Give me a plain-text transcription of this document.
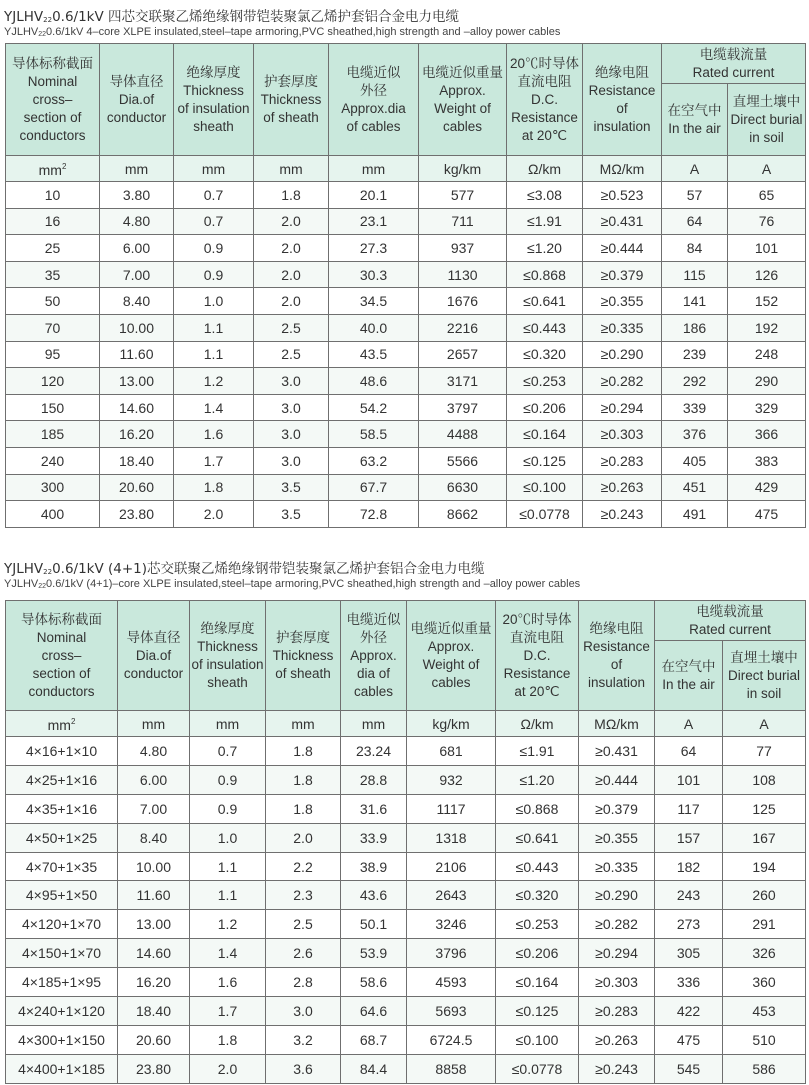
$YJLHV_{22}0.6/1kV$ 四芯交联聚乙烯绝缘钢带铠装聚氯乙烯护套铝合金电力电缆
$YJLHV_{22}0.6/1kV$ 4–core XLPE insulated,steel–tape armoring,PVC sheathed,high strength and –alloy power cables
导体标称截面
Nominal
cross–
section of
conductors	导体直径
Dia.of
conductor	绝缘厚度
Thickness
of insulation
sheath	护套厚度
Thickness
of sheath	电缆近似
外径
Approx.dia
of cables	电缆近似重量
Approx.
Weight of
cables	20℃时导体直流电阻
D.C.
Resistance
at 20℃	绝缘电阻
Resistance
of
insulation	电缆载流量
Rated current	

								在空气中
In the air	直埋土壤中
Direct burial
in soil

$mm^2$	mm	mm	mm	mm	kg/km	Ω/km	MΩ/km	A	A
10	3.80	0.7	1.8	20.1	577	≤3.08	≥0.523	57	65
16	4.80	0.7	2.0	23.1	711	≤1.91	≥0.431	64	76
25	6.00	0.9	2.0	27.3	937	≤1.20	≥0.444	84	101
35	7.00	0.9	2.0	30.3	1130	≤0.868	≥0.379	115	126
50	8.40	1.0	2.0	34.5	1676	≤0.641	≥0.355	141	152
70	10.00	1.1	2.5	40.0	2216	≤0.443	≥0.335	186	192
95	11.60	1.1	2.5	43.5	2657	≤0.320	≥0.290	239	248
120	13.00	1.2	3.0	48.6	3171	≤0.253	≥0.282	292	290
150	14.60	1.4	3.0	54.2	3797	≤0.206	≥0.294	339	329
185	16.20	1.6	3.0	58.5	4488	≤0.164	≥0.303	376	366
240	18.40	1.7	3.0	63.2	5566	≤0.125	≥0.283	405	383
300	20.60	1.8	3.5	67.7	6630	≤0.100	≥0.263	451	429
400	23.80	2.0	3.5	72.8	8662	≤0.0778	≥0.243	491	475
$YJLHV_{22}0.6/1kV$ (4+1)芯交联聚乙烯绝缘钢带铠装聚氯乙烯护套铝合金电力电缆
$YJLHV_{22}0.6/1kV$ (4+1)–core XLPE insulated,steel–tape armoring,PVC sheathed,high strength and –alloy power cables
导体标称截面
Nominal
cross–
section of
conductors	导体直径
Dia.of
conductor	绝缘厚度
Thickness
of insulation
sheath	护套厚度
Thickness
of sheath	电缆近似
外径
Approx.
dia of
cables	电缆近似重量
Approx.
Weight of
cables	20℃时导体直流电阻
D.C.
Resistance
at 20℃	绝缘电阻
Resistance
of
insulation	电缆载流量
Rated current	

								在空气中
In the air	直埋土壤中
Direct burial
in soil

$mm^2$	mm	mm	mm	mm	kg/km	Ω/km	MΩ/km	A	A
4×16+1×10	4.80	0.7	1.8	23.24	681	≤1.91	≥0.431	64	77
4×25+1×16	6.00	0.9	1.8	28.8	932	≤1.20	≥0.444	101	108
4×35+1×16	7.00	0.9	1.8	31.6	1117	≤0.868	≥0.379	117	125
4×50+1×25	8.40	1.0	2.0	33.9	1318	≤0.641	≥0.355	157	167
4×70+1×35	10.00	1.1	2.2	38.9	2106	≤0.443	≥0.335	182	194
4×95+1×50	11.60	1.1	2.3	43.6	2643	≤0.320	≥0.290	243	260
4×120+1×70	13.00	1.2	2.5	50.1	3246	≤0.253	≥0.282	273	291
4×150+1×70	14.60	1.4	2.6	53.9	3796	≤0.206	≥0.294	305	326
4×185+1×95	16.20	1.6	2.8	58.6	4593	≤0.164	≥0.303	336	360
4×240+1×120	18.40	1.7	3.0	64.6	5693	≤0.125	≥0.283	422	453
4×300+1×150	20.60	1.8	3.2	68.7	6724.5	≤0.100	≥0.263	475	510
4×400+1×185	23.80	2.0	3.6	84.4	8858	≤0.0778	≥0.243	545	586
